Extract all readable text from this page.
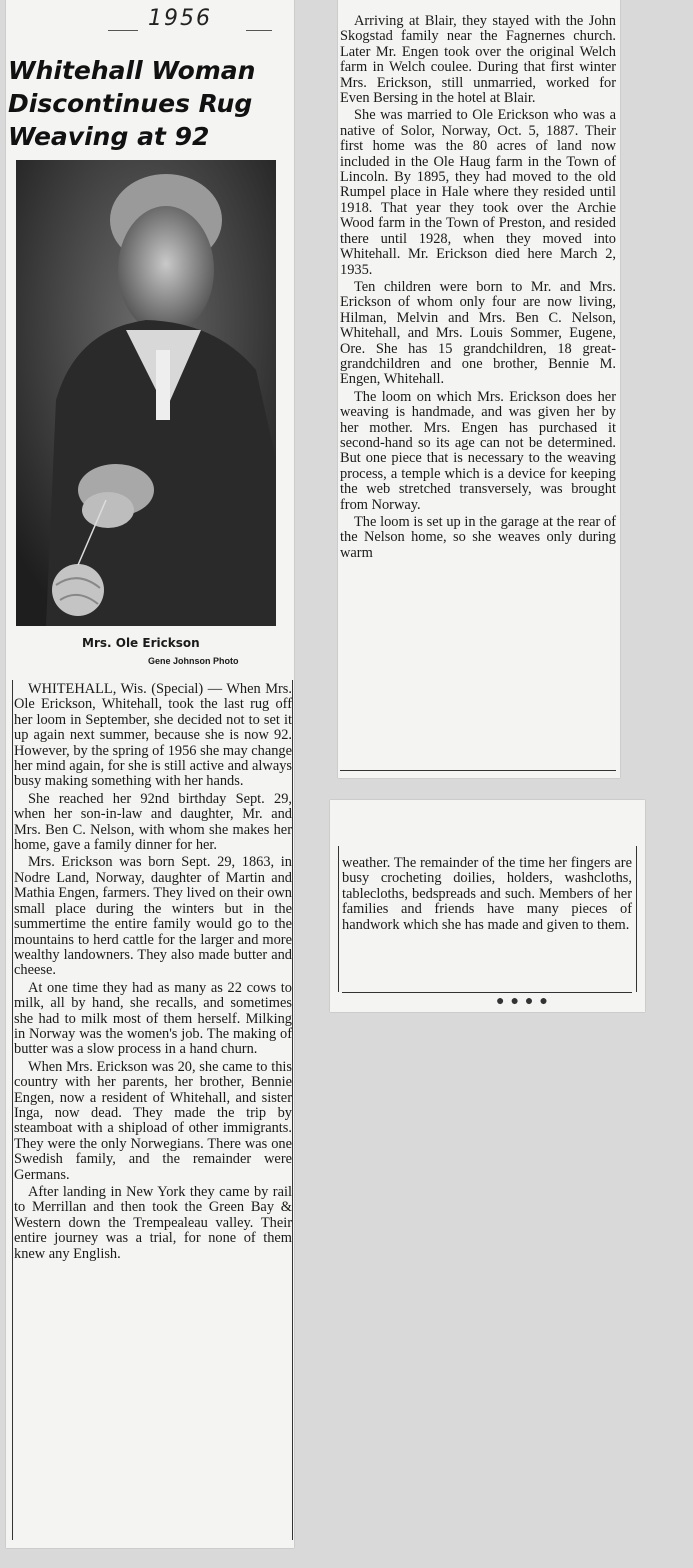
1956
Whitehall Woman Discontinues Rug Weaving at 92
Mrs. Ole Erickson
Gene Johnson Photo

WHITEHALL, Wis. (Special) — When Mrs. Ole Erickson, Whitehall, took the last rug off her loom in September, she decided not to set it up again next summer, because she is now 92. However, by the spring of 1956 she may change her mind again, for she is still active and always busy making something with her hands.

She reached her 92nd birthday Sept. 29, when her son-in-law and daughter, Mr. and Mrs. Ben C. Nelson, with whom she makes her home, gave a family dinner for her.

Mrs. Erickson was born Sept. 29, 1863, in Nodre Land, Norway, daughter of Martin and Mathia Engen, farmers. They lived on their own small place during the winters but in the summertime the entire family would go to the mountains to herd cattle for the larger and more wealthy landowners. They also made butter and cheese.

At one time they had as many as 22 cows to milk, all by hand, she recalls, and sometimes she had to milk most of them herself. Milking in Norway was the women's job. The making of butter was a slow process in a hand churn.

When Mrs. Erickson was 20, she came to this country with her parents, her brother, Bennie Engen, now a resident of Whitehall, and sister Inga, now dead. They made the trip by steamboat with a shipload of other immigrants. They were the only Norwegians. There was one Swedish family, and the remainder were Germans.

After landing in New York they came by rail to Merrillan and then took the Green Bay & Western down the Trempealeau valley. Their entire journey was a trial, for none of them knew any English.

Arriving at Blair, they stayed with the John Skogstad family near the Fagnernes church. Later Mr. Engen took over the original Welch farm in Welch coulee. During that first winter Mrs. Erickson, still unmarried, worked for Even Bersing in the hotel at Blair.

She was married to Ole Erickson who was a native of Solor, Norway, Oct. 5, 1887. Their first home was the 80 acres of land now included in the Ole Haug farm in the Town of Lincoln. By 1895, they had moved to the old Rumpel place in Hale where they resided until 1918. That year they took over the Archie Wood farm in the Town of Preston, and resided there until 1928, when they moved into Whitehall. Mr. Erickson died here March 2, 1935.

Ten children were born to Mr. and Mrs. Erickson of whom only four are now living, Hilman, Melvin and Mrs. Ben C. Nelson, Whitehall, and Mrs. Louis Sommer, Eugene, Ore. She has 15 grandchildren, 18 great-grandchildren and one brother, Bennie M. Engen, Whitehall.

The loom on which Mrs. Erickson does her weaving is handmade, and was given her by her mother. Mrs. Engen has purchased it second-hand so its age can not be determined. But one piece that is necessary to the weaving process, a temple which is a device for keeping the web stretched transversely, was brought from Norway.

The loom is set up in the garage at the rear of the Nelson home, so she weaves only during warm

weather. The remainder of the time her fingers are busy crocheting doilies, holders, washcloths, tablecloths, bedspreads and such. Members of her families and friends have many pieces of handwork which she has made and given to them.

●●●●
